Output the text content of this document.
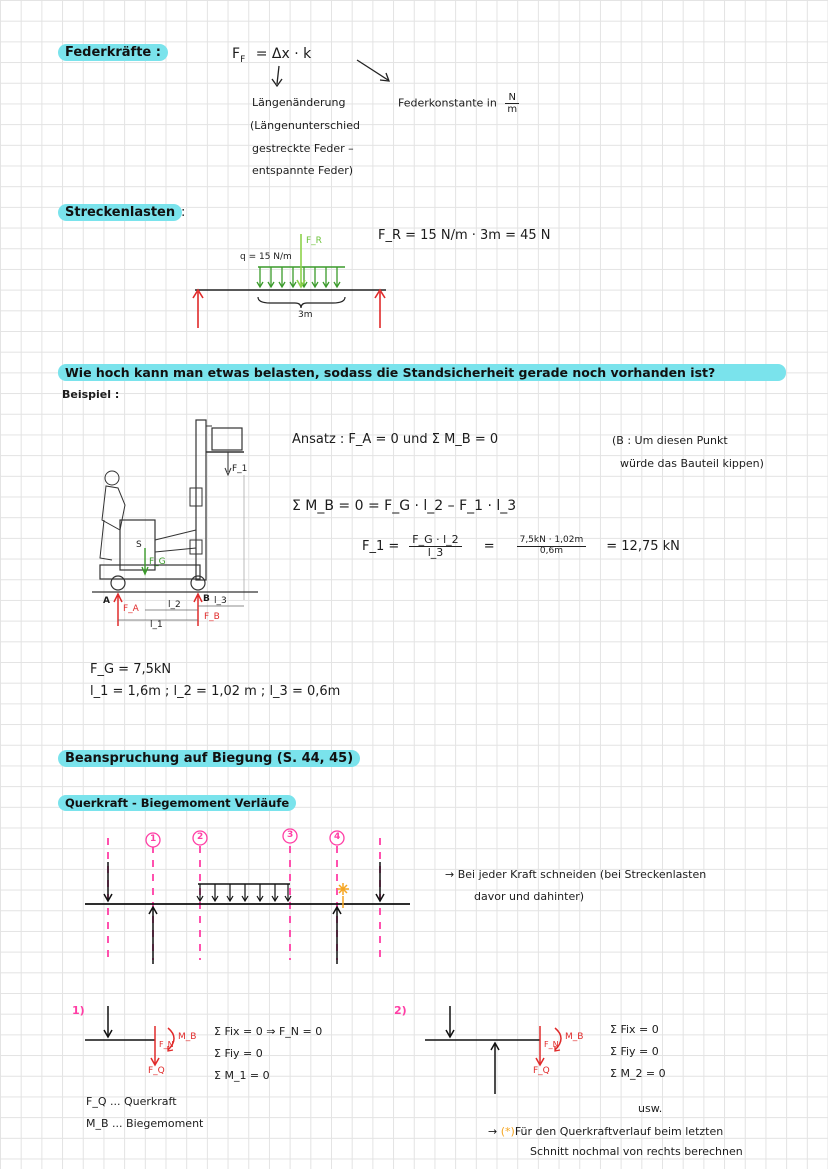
Federkräfte :	$F_F = \Delta x \cdot k$
Längenänderung
(Längenunterschied
gestreckte Feder –
entspannte Feder)
Federkonstante in $\frac{N}{m}$
Streckenlasten :
q = 15 N/m
F_R
3m
F_R = 15 N/m · 3m = 45 N
Wie hoch kann man etwas belasten, sodass die Standsicherheit gerade noch vorhanden ist?
Beispiel :
A	B
S
F_G
F_1
F_A
F_B
l_1
l_2	l_3
Ansatz : F_A = 0 und Σ M_B = 0	(B : Um diesen Punkt
würde das Bauteil kippen)
Σ M_B = 0 = F_G · l_2 – F_1 · l_3
F_1 = $\frac{F\_G \cdot l\_2}{l\_3} = \frac{7,5kN \cdot 1,02m}{0,6m} = 12,75$ kN
F_G = 7,5kN
l_1 = 1,6m ; l_2 = 1,02 m ; l_3 = 0,6m
Beanspruchung auf Biegung (S. 44, 45)
Querkraft - Biegemoment Verläufe
1	2	3	4
→ Bei jeder Kraft schneiden (bei Streckenlasten
davor und dahinter)
1)
F_N
M_B
F_Q
Σ Fix = 0 ⇒ F_N = 0
Σ Fiy = 0
Σ M_1 = 0
F_Q ... Querkraft
M_B ... Biegemoment
2)
F_N
M_B
F_Q
Σ Fix = 0
Σ Fiy = 0
Σ M_2 = 0
usw.
→ (*)Für den Querkraftverlauf beim letzten
Schnitt nochmal von rechts berechnen
